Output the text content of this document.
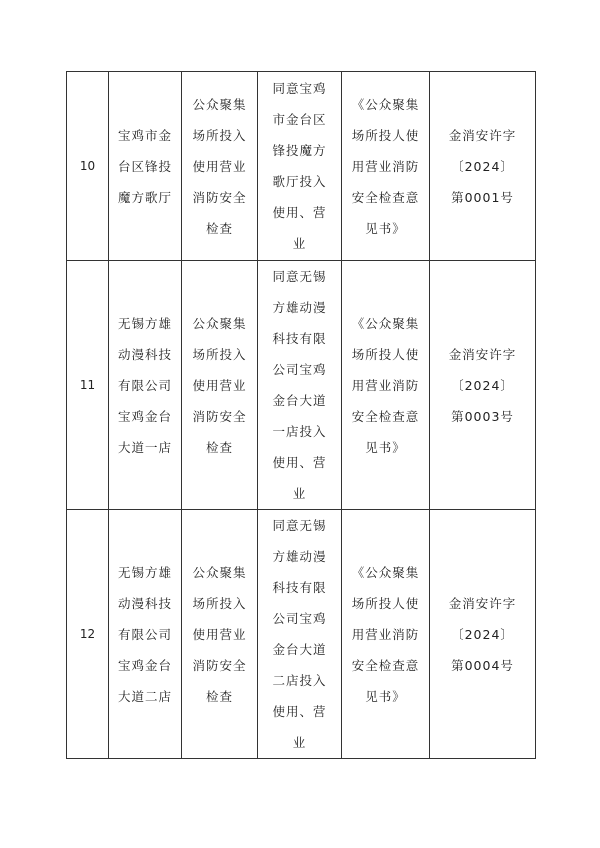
10	宝鸡市金台区锋投魔方歌厅	公众聚集场所投入使用营业消防安全检查	同意宝鸡市金台区锋投魔方歌厅投入使用、营业	《公众聚集场所投人使用营业消防安全检查意见书》	金消安许字〔2024〕第0001号
11	无锡方雄动漫科技有限公司宝鸡金台大道一店	公众聚集场所投入使用营业消防安全检查	同意无锡方雄动漫科技有限公司宝鸡金台大道一店投入使用、营业	《公众聚集场所投人使用营业消防安全检查意见书》	金消安许字〔2024〕第0003号
12	无锡方雄动漫科技有限公司宝鸡金台大道二店	公众聚集场所投入使用营业消防安全检查	同意无锡方雄动漫科技有限公司宝鸡金台大道二店投入使用、营业	《公众聚集场所投人使用营业消防安全检查意见书》	金消安许字〔2024〕第0004号
